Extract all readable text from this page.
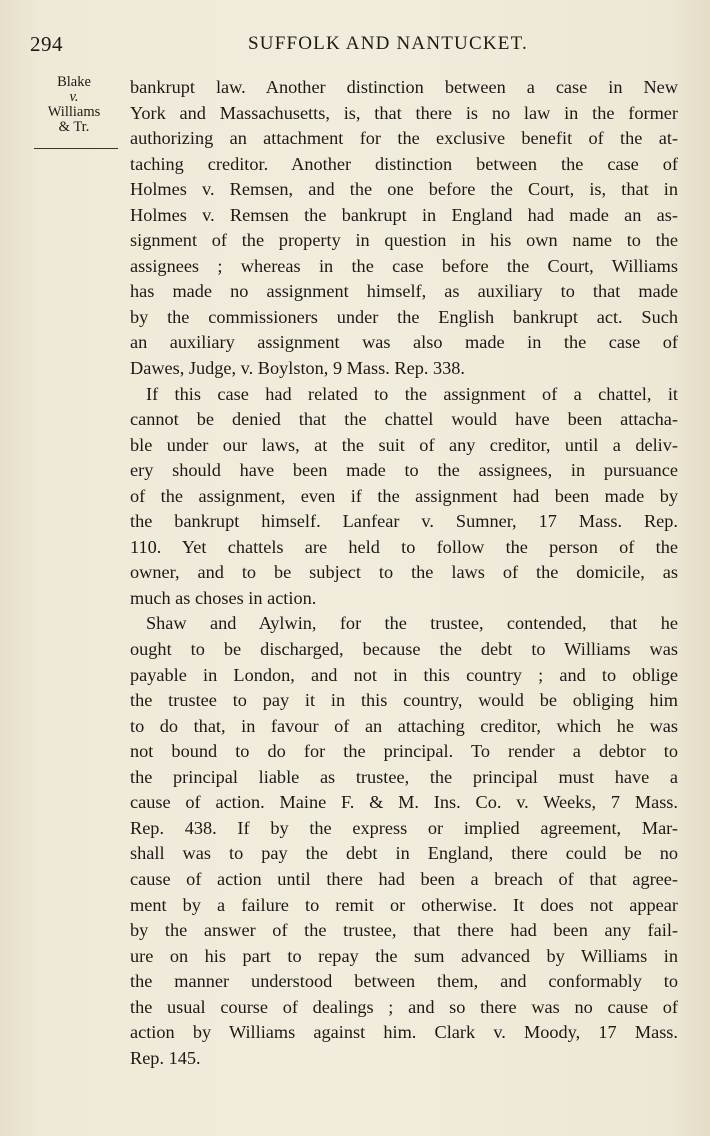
294	SUFFOLK AND NANTUCKET.
Blake
v.
Williams
& Tr.
bankrupt law. Another distinction between a case in New
York and Massachusetts, is, that there is no law in the former
authorizing an attachment for the exclusive benefit of the at-
taching creditor. Another distinction between the case of
Holmes v. Remsen, and the one before the Court, is, that in
Holmes v. Remsen the bankrupt in England had made an as-
signment of the property in question in his own name to the
assignees ; whereas in the case before the Court, Williams
has made no assignment himself, as auxiliary to that made
by the commissioners under the English bankrupt act. Such
an auxiliary assignment was also made in the case of
Dawes, Judge, v. Boylston, 9 Mass. Rep. 338.
If this case had related to the assignment of a chattel, it
cannot be denied that the chattel would have been attacha-
ble under our laws, at the suit of any creditor, until a deliv-
ery should have been made to the assignees, in pursuance
of the assignment, even if the assignment had been made by
the bankrupt himself. Lanfear v. Sumner, 17 Mass. Rep.
110. Yet chattels are held to follow the person of the
owner, and to be subject to the laws of the domicile, as
much as choses in action.
Shaw and Aylwin, for the trustee, contended, that he
ought to be discharged, because the debt to Williams was
payable in London, and not in this country ; and to oblige
the trustee to pay it in this country, would be obliging him
to do that, in favour of an attaching creditor, which he was
not bound to do for the principal. To render a debtor to
the principal liable as trustee, the principal must have a
cause of action. Maine F. & M. Ins. Co. v. Weeks, 7 Mass.
Rep. 438. If by the express or implied agreement, Mar-
shall was to pay the debt in England, there could be no
cause of action until there had been a breach of that agree-
ment by a failure to remit or otherwise. It does not appear
by the answer of the trustee, that there had been any fail-
ure on his part to repay the sum advanced by Williams in
the manner understood between them, and conformably to
the usual course of dealings ; and so there was no cause of
action by Williams against him. Clark v. Moody, 17 Mass.
Rep. 145.
